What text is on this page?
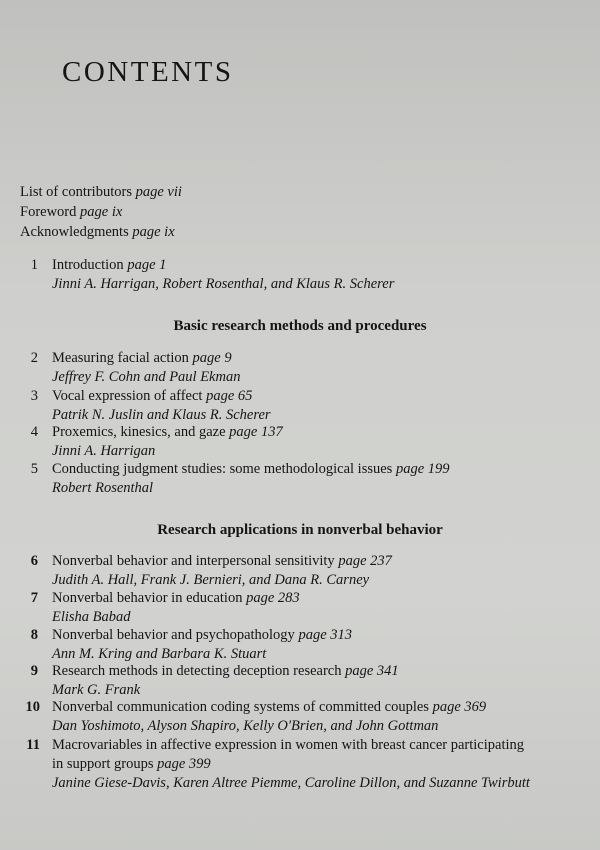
CONTENTS
List of contributors page vii
Foreword page ix
Acknowledgments page ix
1 Introduction page 1
Jinni A. Harrigan, Robert Rosenthal, and Klaus R. Scherer
Basic research methods and procedures
2 Measuring facial action page 9
Jeffrey F. Cohn and Paul Ekman
3 Vocal expression of affect page 65
Patrik N. Juslin and Klaus R. Scherer
4 Proxemics, kinesics, and gaze page 137
Jinni A. Harrigan
5 Conducting judgment studies: some methodological issues page 199
Robert Rosenthal
Research applications in nonverbal behavior
6 Nonverbal behavior and interpersonal sensitivity page 237
Judith A. Hall, Frank J. Bernieri, and Dana R. Carney
7 Nonverbal behavior in education page 283
Elisha Babad
8 Nonverbal behavior and psychopathology page 313
Ann M. Kring and Barbara K. Stuart
9 Research methods in detecting deception research page 341
Mark G. Frank
10 Nonverbal communication coding systems of committed couples page 369
Dan Yoshimoto, Alyson Shapiro, Kelly O'Brien, and John Gottman
11 Macrovariables in affective expression in women with breast cancer participating
in support groups page 399
Janine Giese-Davis, Karen Altree Piemme, Caroline Dillon, and Suzanne Twirbutt
